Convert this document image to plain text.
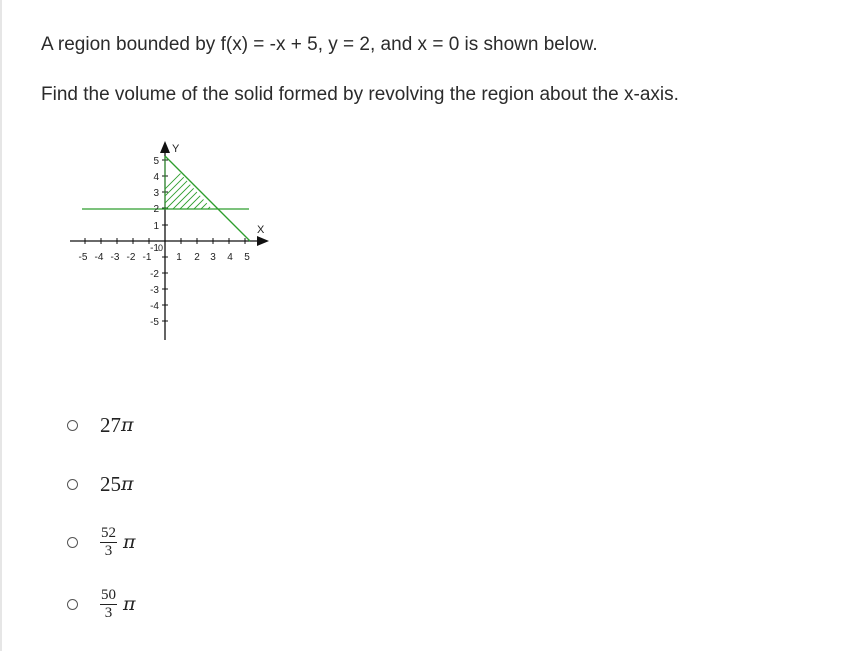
A region bounded by f(x) = -x + 5, y = 2, and x = 0 is shown below.
Find the volume of the solid formed by revolving the region about the x-axis.
Y
X
0
-5 -4 -3 -2 -1 1 2 3 4 5
5
4
3
2
1
-1
-2
-3
-4
-5
27 π
25 π
$\frac{52}{3}$ π
$\frac{50}{3}$ π
